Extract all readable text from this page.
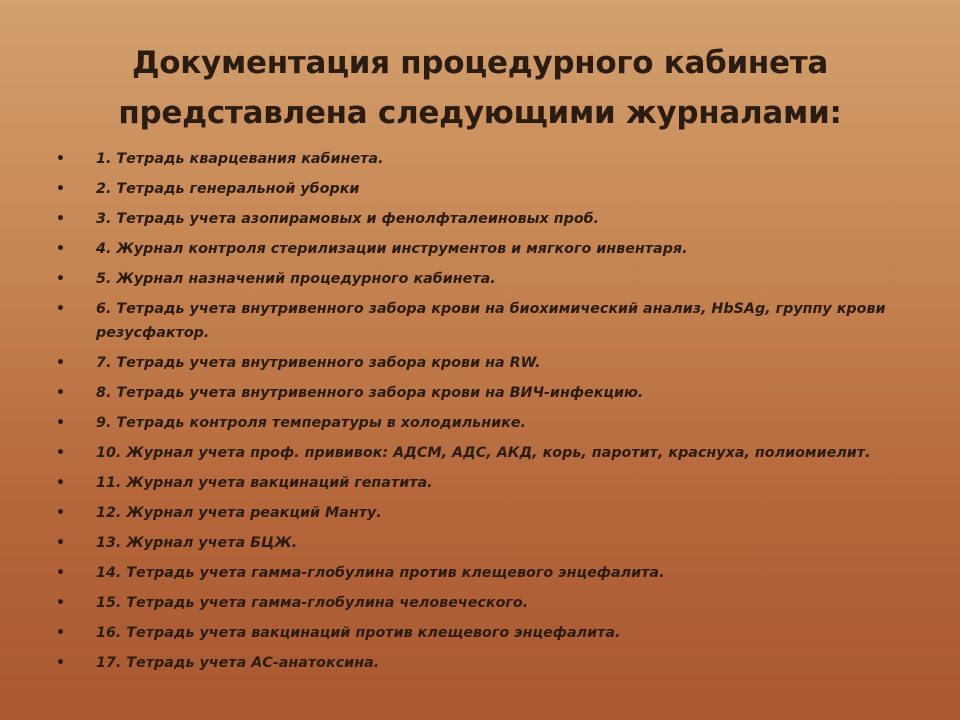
Документация процедурного кабинета
представлена следующими журналами:
• 1. Тетрадь кварцевания кабинета.
• 2. Тетрадь генеральной уборки
• 3. Тетрадь учета азопирамовых и фенолфталеиновых проб.
• 4. Журнал контроля стерилизации инструментов и мягкого инвентаря.
• 5. Журнал назначений процедурного кабинета.
• 6. Тетрадь учета внутривенного забора крови на биохимический анализ, HbSAg, группу крови резусфактор.
• 7. Тетрадь учета внутривенного забора крови на RW.
• 8. Тетрадь учета внутривенного забора крови на ВИЧ-инфекцию.
• 9. Тетрадь контроля температуры в холодильнике.
• 10. Журнал учета проф. прививок: АДСМ, АДС, АКД, корь, паротит, краснуха, полиомиелит.
• 11. Журнал учета вакцинаций гепатита.
• 12. Журнал учета реакций Манту.
• 13. Журнал учета БЦЖ.
• 14. Тетрадь учета гамма-глобулина против клещевого энцефалита.
• 15. Тетрадь учета гамма-глобулина человеческого.
• 16. Тетрадь учета вакцинаций против клещевого энцефалита.
• 17. Тетрадь учета АС-анатоксина.
